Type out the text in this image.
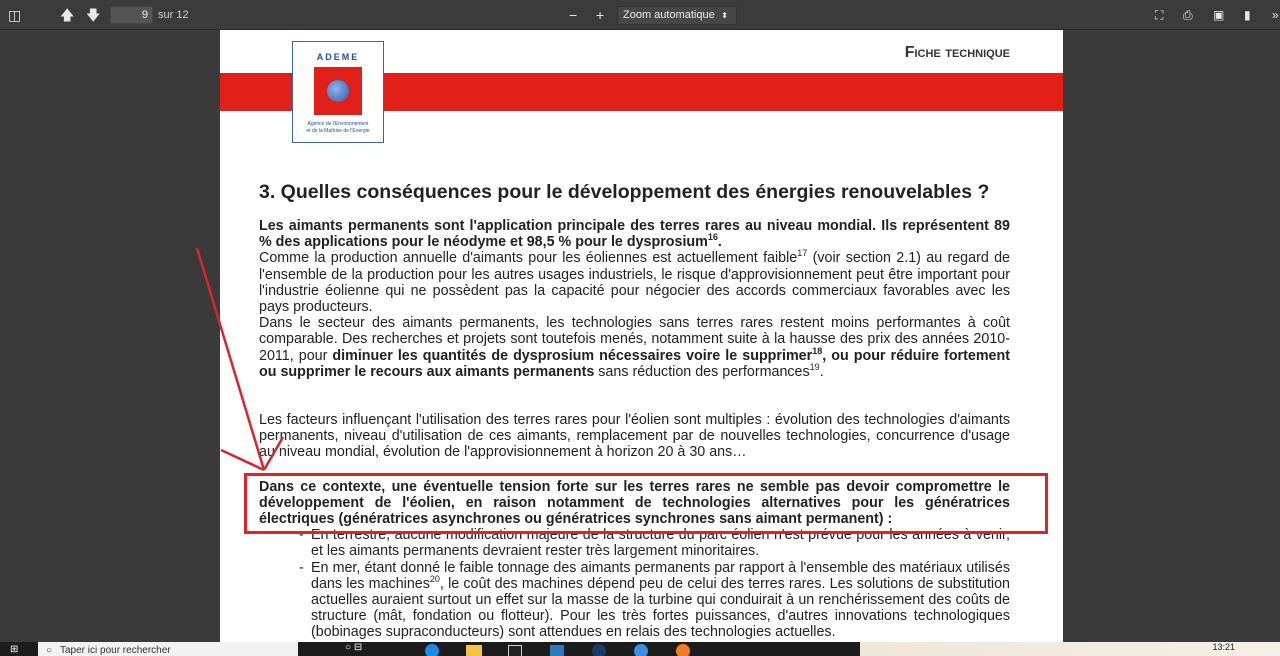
◫	🡅 🡇	9 sur 12	− +	Zoom automatique ⬍	⛶ ⎙ ▣ ▮ »
Fiche technique
ADEME
Agence de l'Environnement
et de la Maîtrise de l'Energie
3. Quelles conséquences pour le développement des énergies renouvelables ?

Les aimants permanents sont l'application principale des terres rares au niveau mondial. Ils représentent 89 % des applications pour le néodyme et 98,5 % pour le dysprosium$^{16}$.

Comme la production annuelle d'aimants pour les éoliennes est actuellement faible$^{17}$ (voir section 2.1) au regard de l'ensemble de la production pour les autres usages industriels, le risque d'approvisionnement peut être important pour l'industrie éolienne qui ne possèdent pas la capacité pour négocier des accords commerciaux favorables avec les pays producteurs.

Dans le secteur des aimants permanents, les technologies sans terres rares restent moins performantes à coût comparable. Des recherches et projets sont toutefois menés, notamment suite à la hausse des prix des années 2010-2011, pour diminuer les quantités de dysprosium nécessaires voire le supprimer$^{18}$, ou pour réduire fortement ou supprimer le recours aux aimants permanents sans réduction des performances$^{19}$.

Les facteurs influençant l'utilisation des terres rares pour l'éolien sont multiples : évolution des technologies d'aimants permanents, niveau d'utilisation de ces aimants, remplacement par de nouvelles technologies, concurrence d'usage au niveau mondial, évolution de l'approvisionnement à horizon 20 à 30 ans…

Dans ce contexte, une éventuelle tension forte sur les terres rares ne semble pas devoir compromettre le développement de l'éolien, en raison notamment de technologies alternatives pour les génératrices électriques (génératrices asynchrones ou génératrices synchrones sans aimant permanent) :

- En terrestre, aucune modification majeure de la structure du parc éolien n'est prévue pour les années à venir, et les aimants permanents devraient rester très largement minoritaires.
- En mer, étant donné le faible tonnage des aimants permanents par rapport à l'ensemble des matériaux utilisés dans les machines$^{20}$, le coût des machines dépend peu de celui des terres rares. Les solutions de substitution actuelles auraient surtout un effet sur la masse de la turbine qui conduirait à un renchérissement des coûts de structure (mât, fondation ou flotteur). Pour les très fortes puissances, d'autres innovations technologiques (bobinages supraconducteurs) sont attendues en relais des technologies actuelles.
⊞	○ Taper ici pour rechercher	○ ⊟	13:21
